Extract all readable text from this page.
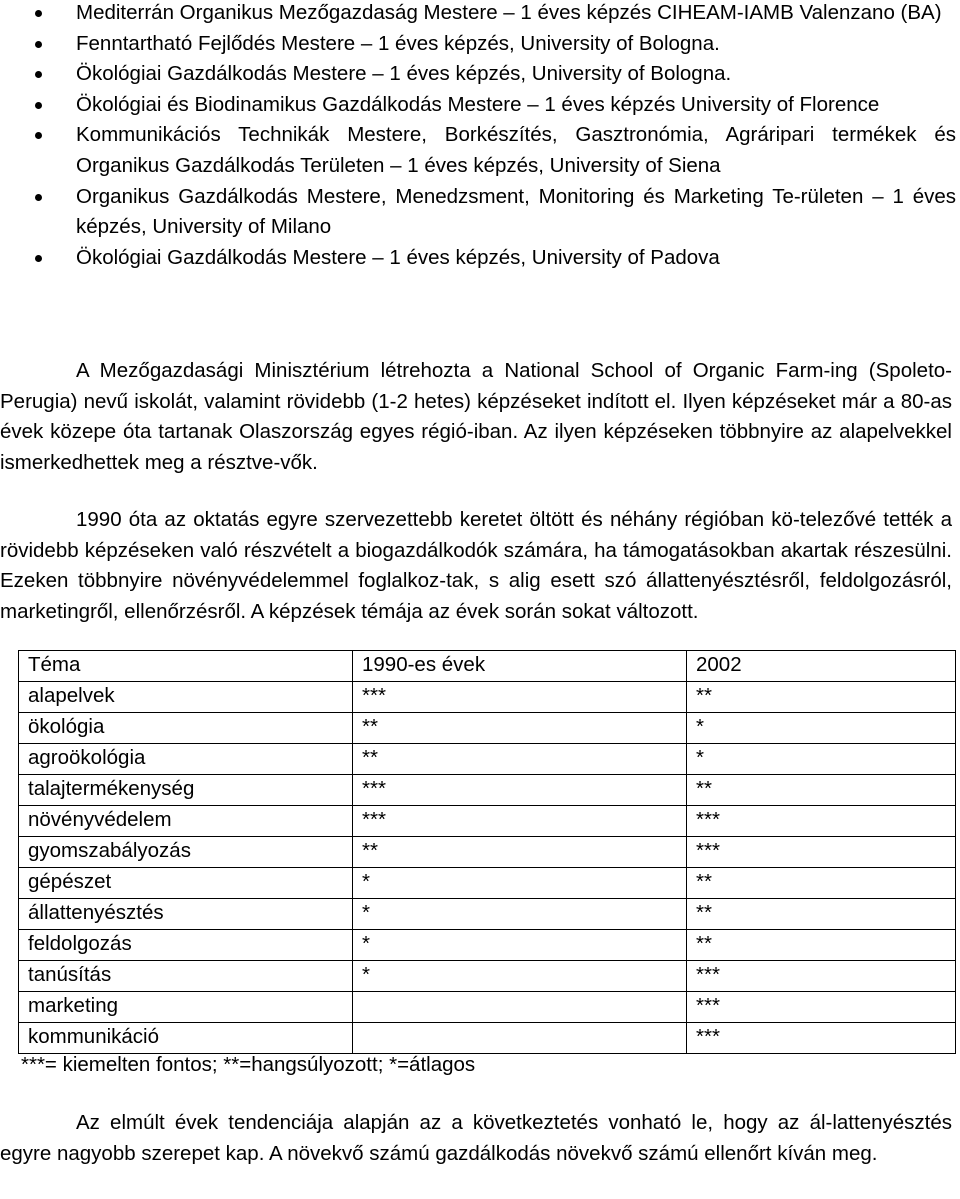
Mediterrán Organikus Mezőgazdaság Mestere – 1 éves képzés CIHEAM-IAMB Valenzano (BA)
Fenntartható Fejlődés Mestere – 1 éves képzés, University of Bologna.
Ökológiai Gazdálkodás Mestere – 1 éves képzés, University of Bologna.
Ökológiai és Biodinamikus Gazdálkodás Mestere – 1 éves képzés University of Florence
Kommunikációs Technikák Mestere, Borkészítés, Gasztronómia, Agráripari termékek és Organikus Gazdálkodás Területen – 1 éves képzés, University of Siena
Organikus Gazdálkodás Mestere, Menedzsment, Monitoring és Marketing Te-rületen – 1 éves képzés, University of Milano
Ökológiai Gazdálkodás Mestere – 1 éves képzés, University of Padova
A Mezőgazdasági Minisztérium létrehozta a National School of Organic Farm-ing (Spoleto-Perugia) nevű iskolát, valamint rövidebb (1-2 hetes) képzéseket indított el. Ilyen képzéseket már a 80-as évek közepe óta tartanak Olaszország egyes régió-iban. Az ilyen képzéseken többnyire az alapelvekkel ismerkedhettek meg a résztve-vők.
1990 óta az oktatás egyre szervezettebb keretet öltött és néhány régióban kö-telezővé tették a rövidebb képzéseken való részvételt a biogazdálkodók számára, ha támogatásokban akartak részesülni. Ezeken többnyire növényvédelemmel foglalkoz-tak, s alig esett szó állattenyésztésről, feldolgozásról, marketingről, ellenőrzésről. A képzések témája az évek során sokat változott.
Téma	1990-es évek	2002
alapelvek	***	**
ökológia	**	*
agroökológia	**	*
talajtermékenység	***	**
növényvédelem	***	***
gyomszabályozás	**	***
gépészet	*	**
állattenyésztés	*	**
feldolgozás	*	**
tanúsítás	*	***
marketing		***
kommunikáció		***
***= kiemelten fontos; **=hangsúlyozott; *=átlagos
Az elmúlt évek tendenciája alapján az a következtetés vonható le, hogy az ál-lattenyésztés egyre nagyobb szerepet kap. A növekvő számú gazdálkodás növekvő számú ellenőrt kíván meg.
